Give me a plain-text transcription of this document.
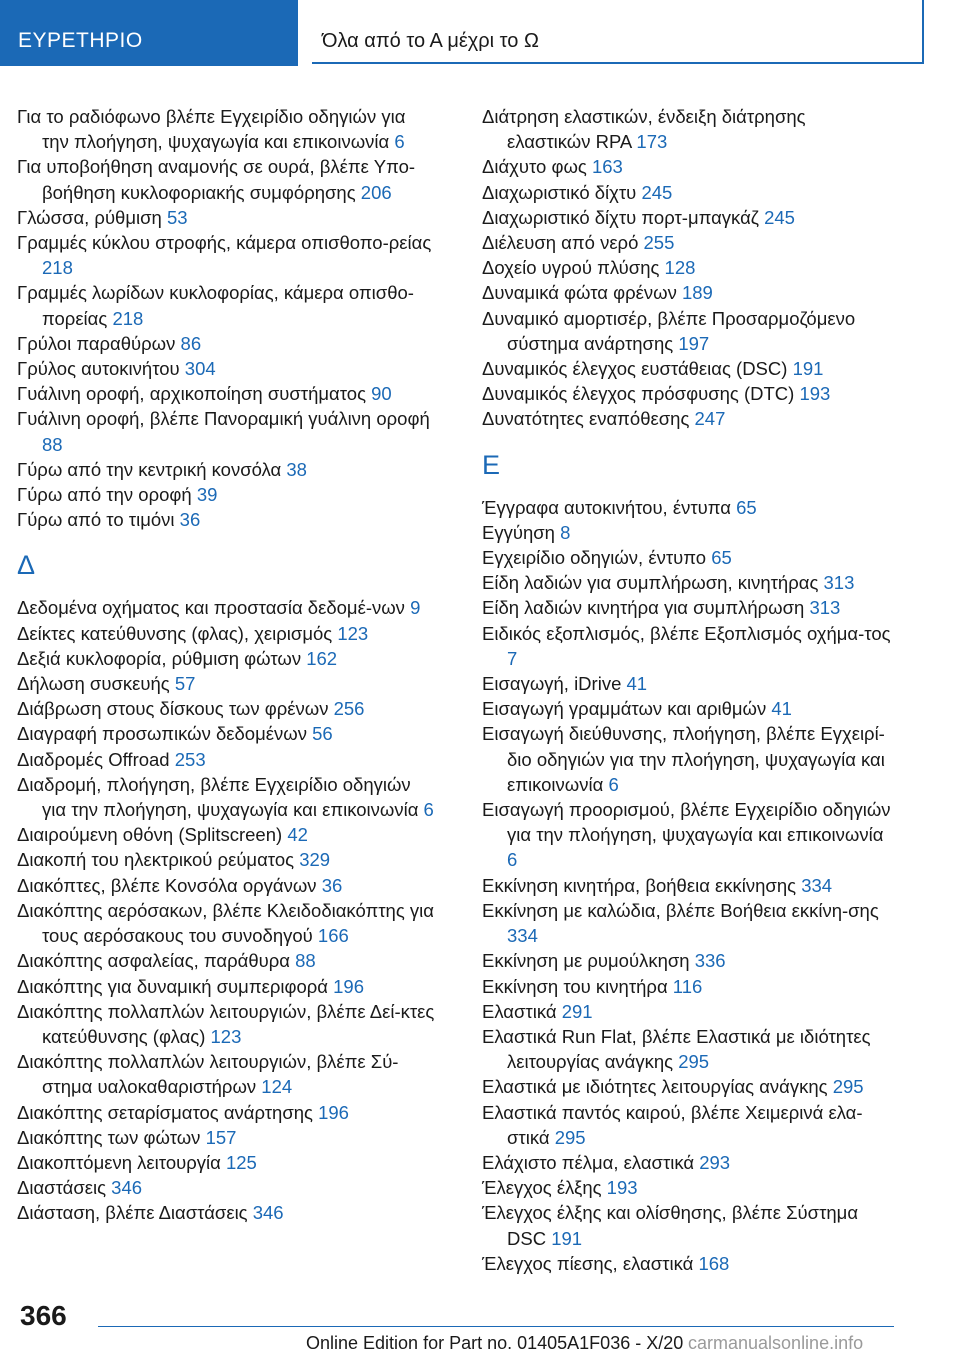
ΕΥΡΕΤΗΡΙΟ	Όλα από το Α μέχρι το Ω
Για το ραδιόφωνο βλέπε Εγχειρίδιο οδηγιών για την πλοήγηση, ψυχαγωγία και επικοινωνία 6
Για υποβοήθηση αναμονής σε ουρά, βλέπε Υπο‐βοήθηση κυκλοφοριακής συμφόρησης 206
Γλώσσα, ρύθμιση 53
Γραμμές κύκλου στροφής, κάμερα οπισθοπο‐ρείας 218
Γραμμές λωρίδων κυκλοφορίας, κάμερα οπισθο‐πορείας 218
Γρύλοι παραθύρων 86
Γρύλος αυτοκινήτου 304
Γυάλινη οροφή, αρχικοποίηση συστήματος 90
Γυάλινη οροφή, βλέπε Πανοραμική γυάλινη οροφή 88
Γύρω από την κεντρική κονσόλα 38
Γύρω από την οροφή 39
Γύρω από το τιμόνι 36
Δ
Δεδομένα οχήματος και προστασία δεδομέ‐νων 9
Δείκτες κατεύθυνσης (φλας), χειρισμός 123
Δεξιά κυκλοφορία, ρύθμιση φώτων 162
Δήλωση συσκευής 57
Διάβρωση στους δίσκους των φρένων 256
Διαγραφή προσωπικών δεδομένων 56
Διαδρομές Offroad 253
Διαδρομή, πλοήγηση, βλέπε Εγχειρίδιο οδηγιών για την πλοήγηση, ψυχαγωγία και επικοινωνία 6
Διαιρούμενη οθόνη (Splitscreen) 42
Διακοπή του ηλεκτρικού ρεύματος 329
Διακόπτες, βλέπε Κονσόλα οργάνων 36
Διακόπτης αερόσακων, βλέπε Κλειδοδιακόπτης για τους αερόσακους του συνοδηγού 166
Διακόπτης ασφαλείας, παράθυρα 88
Διακόπτης για δυναμική συμπεριφορά 196
Διακόπτης πολλαπλών λειτουργιών, βλέπε Δεί‐κτες κατεύθυνσης (φλας) 123
Διακόπτης πολλαπλών λειτουργιών, βλέπε Σύ‐στημα υαλοκαθαριστήρων 124
Διακόπτης σεταρίσματος ανάρτησης 196
Διακόπτης των φώτων 157
Διακοπτόμενη λειτουργία 125
Διαστάσεις 346
Διάσταση, βλέπε Διαστάσεις 346
Διάτρηση ελαστικών, ένδειξη διάτρησης ελαστικών RPA 173
Διάχυτο φως 163
Διαχωριστικό δίχτυ 245
Διαχωριστικό δίχτυ πορτ-μπαγκάζ 245
Διέλευση από νερό 255
Δοχείο υγρού πλύσης 128
Δυναμικά φώτα φρένων 189
Δυναμικό αμορτισέρ, βλέπε Προσαρμοζόμενο σύστημα ανάρτησης 197
Δυναμικός έλεγχος ευστάθειας (DSC) 191
Δυναμικός έλεγχος πρόσφυσης (DTC) 193
Δυνατότητες εναπόθεσης 247
Ε
Έγγραφα αυτοκινήτου, έντυπα 65
Εγγύηση 8
Εγχειρίδιο οδηγιών, έντυπο 65
Είδη λαδιών για συμπλήρωση, κινητήρας 313
Είδη λαδιών κινητήρα για συμπλήρωση 313
Ειδικός εξοπλισμός, βλέπε Εξοπλισμός οχήμα‐τος 7
Εισαγωγή, iDrive 41
Εισαγωγή γραμμάτων και αριθμών 41
Εισαγωγή διεύθυνσης, πλοήγηση, βλέπε Εγχειρί‐διο οδηγιών για την πλοήγηση, ψυχαγωγία και επικοινωνία 6
Εισαγωγή προορισμού, βλέπε Εγχειρίδιο οδηγιών για την πλοήγηση, ψυχαγωγία και επικοινωνία 6
Εκκίνηση κινητήρα, βοήθεια εκκίνησης 334
Εκκίνηση με καλώδια, βλέπε Βοήθεια εκκίνη‐σης 334
Εκκίνηση με ρυμούλκηση 336
Εκκίνηση του κινητήρα 116
Ελαστικά 291
Ελαστικά Run Flat, βλέπε Ελαστικά με ιδιότητες λειτουργίας ανάγκης 295
Ελαστικά με ιδιότητες λειτουργίας ανάγκης 295
Ελαστικά παντός καιρού, βλέπε Χειμερινά ελα‐στικά 295
Ελάχιστο πέλμα, ελαστικά 293
Έλεγχος έλξης 193
Έλεγχος έλξης και ολίσθησης, βλέπε Σύστημα DSC 191
Έλεγχος πίεσης, ελαστικά 168
366
Online Edition for Part no. 01405A1F036 - X/20 carmanualsonline.info
